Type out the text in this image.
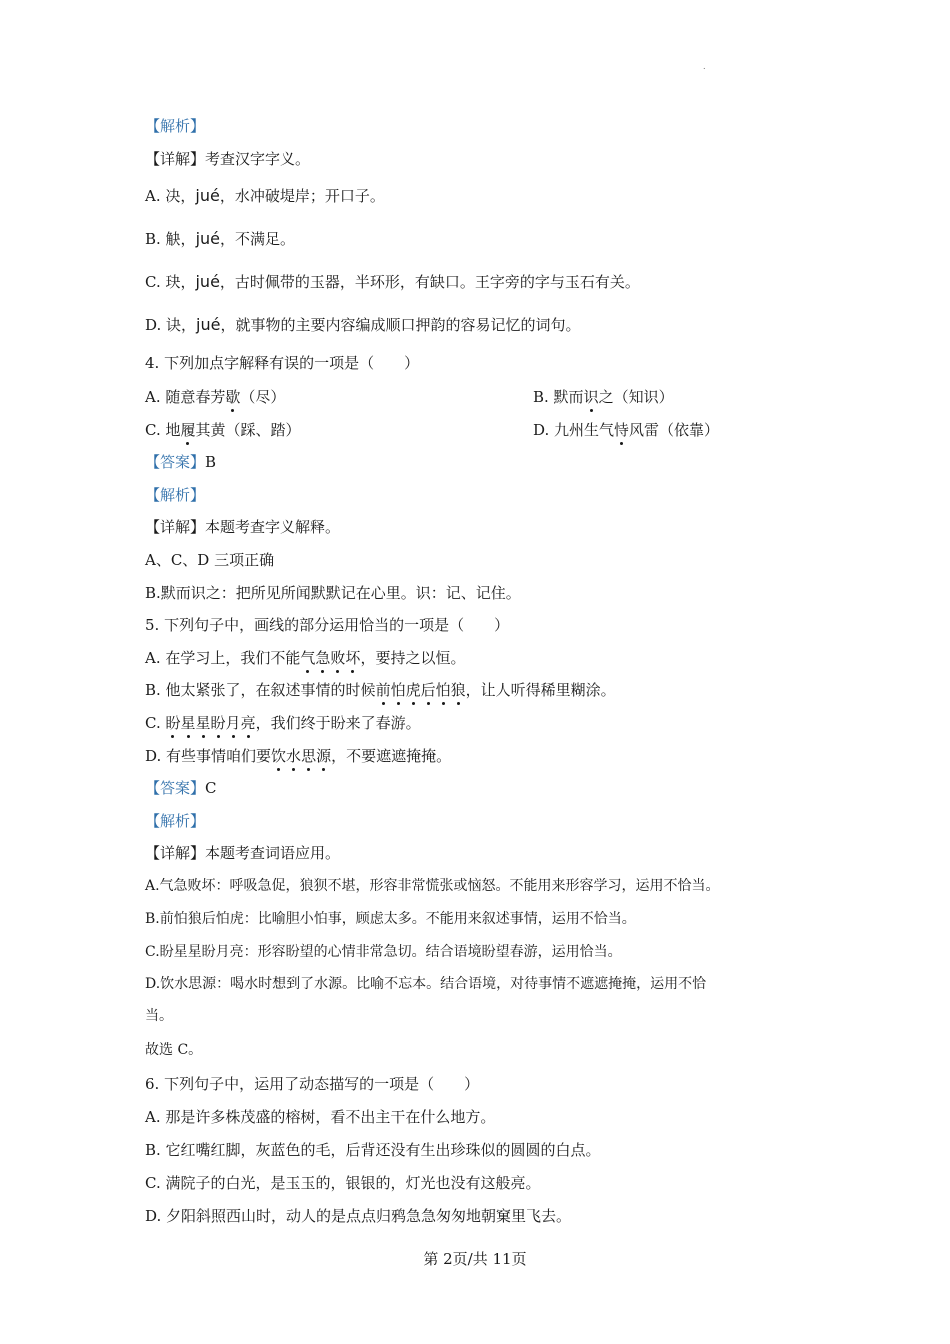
.
【解析】
【详解】考查汉字字义。
A. 决，jué，水冲破堤岸；开口子。
B. 觖，jué，不满足。
C. 玦，jué，古时佩带的玉器，半环形，有缺口。王字旁的字与玉石有关。
D. 诀，jué，就事物的主要内容编成顺口押韵的容易记忆的词句。
4. 下列加点字解释有误的一项是（　　）
A. 随意春芳歇（尽）	B. 默而识之（知识）
C. 地履其黄（踩、踏）	D. 九州生气恃风雷（依靠）
【答案】B
【解析】
【详解】本题考查字义解释。
A、C、D 三项正确
B.默而识之：把所见所闻默默记在心里。识：记、记住。
5. 下列句子中，画线的部分运用恰当的一项是（　　）
A. 在学习上，我们不能气急败坏，要持之以恒。
B. 他太紧张了，在叙述事情的时候前怕虎后怕狼，让人听得稀里糊涂。
C. 盼星星盼月亮，我们终于盼来了春游。
D. 有些事情咱们要饮水思源，不要遮遮掩掩。
【答案】C
【解析】
【详解】本题考查词语应用。
A.气急败坏：呼吸急促，狼狈不堪，形容非常慌张或恼怒。不能用来形容学习，运用不恰当。
B.前怕狼后怕虎：比喻胆小怕事，顾虑太多。不能用来叙述事情，运用不恰当。
C.盼星星盼月亮：形容盼望的心情非常急切。结合语境盼望春游，运用恰当。
D.饮水思源：喝水时想到了水源。比喻不忘本。结合语境，对待事情不遮遮掩掩，运用不恰
当。
故选 C。
6. 下列句子中，运用了动态描写的一项是（　　）
A. 那是许多株茂盛的榕树，看不出主干在什么地方。
B. 它红嘴红脚，灰蓝色的毛，后背还没有生出珍珠似的圆圆的白点。
C. 满院子的白光，是玉玉的，银银的，灯光也没有这般亮。
D. 夕阳斜照西山时，动人的是点点归鸦急急匆匆地朝窠里飞去。
第 2页/共 11页
